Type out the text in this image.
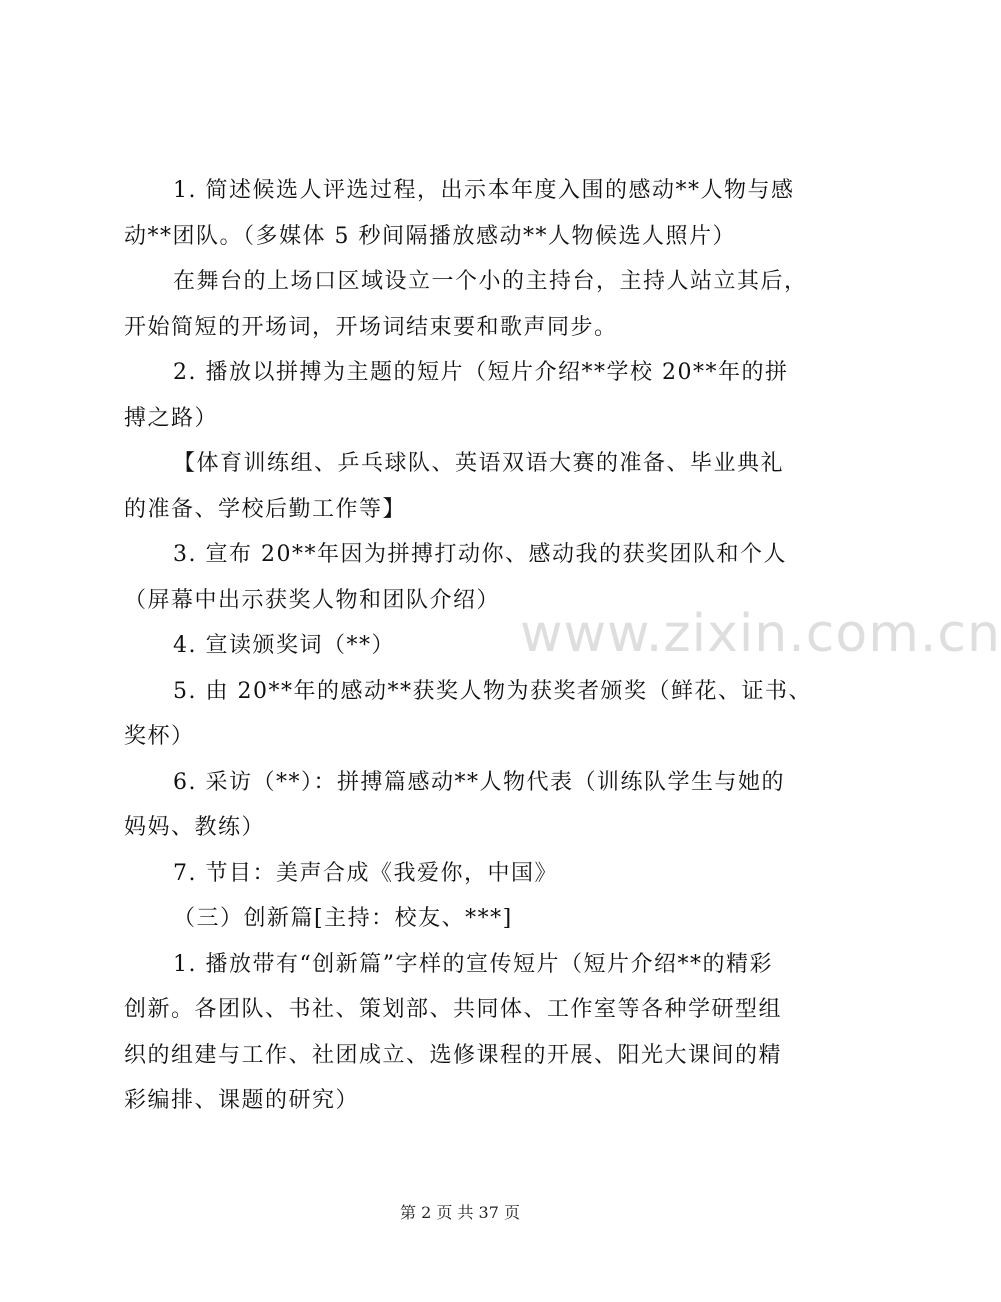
1. 简述候选人评选过程，出示本年度入围的感动**人物与感
动**团队。（多媒体 5 秒间隔播放感动**人物候选人照片）

在舞台的上场口区域设立一个小的主持台，主持人站立其后，
开始简短的开场词，开场词结束要和歌声同步。

2. 播放以拼搏为主题的短片（短片介绍**学校 20**年的拼
搏之路）

【体育训练组、乒乓球队、英语双语大赛的准备、毕业典礼
的准备、学校后勤工作等】

3. 宣布 20**年因为拼搏打动你、感动我的获奖团队和个人
（屏幕中出示获奖人物和团队介绍）

4. 宣读颁奖词（**）

5. 由 20**年的感动**获奖人物为获奖者颁奖（鲜花、证书、
奖杯）

6. 采访（**）：拼搏篇感动**人物代表（训练队学生与她的
妈妈、教练）

7. 节目：美声合成《我爱你，中国》

（三）创新篇[主持：校友、***]

1. 播放带有“创新篇”字样的宣传短片（短片介绍**的精彩
创新。各团队、书社、策划部、共同体、工作室等各种学研型组
织的组建与工作、社团成立、选修课程的开展、阳光大课间的精
彩编排、课题的研究）

www.zixin.com.cn
第 2 页 共 37 页
